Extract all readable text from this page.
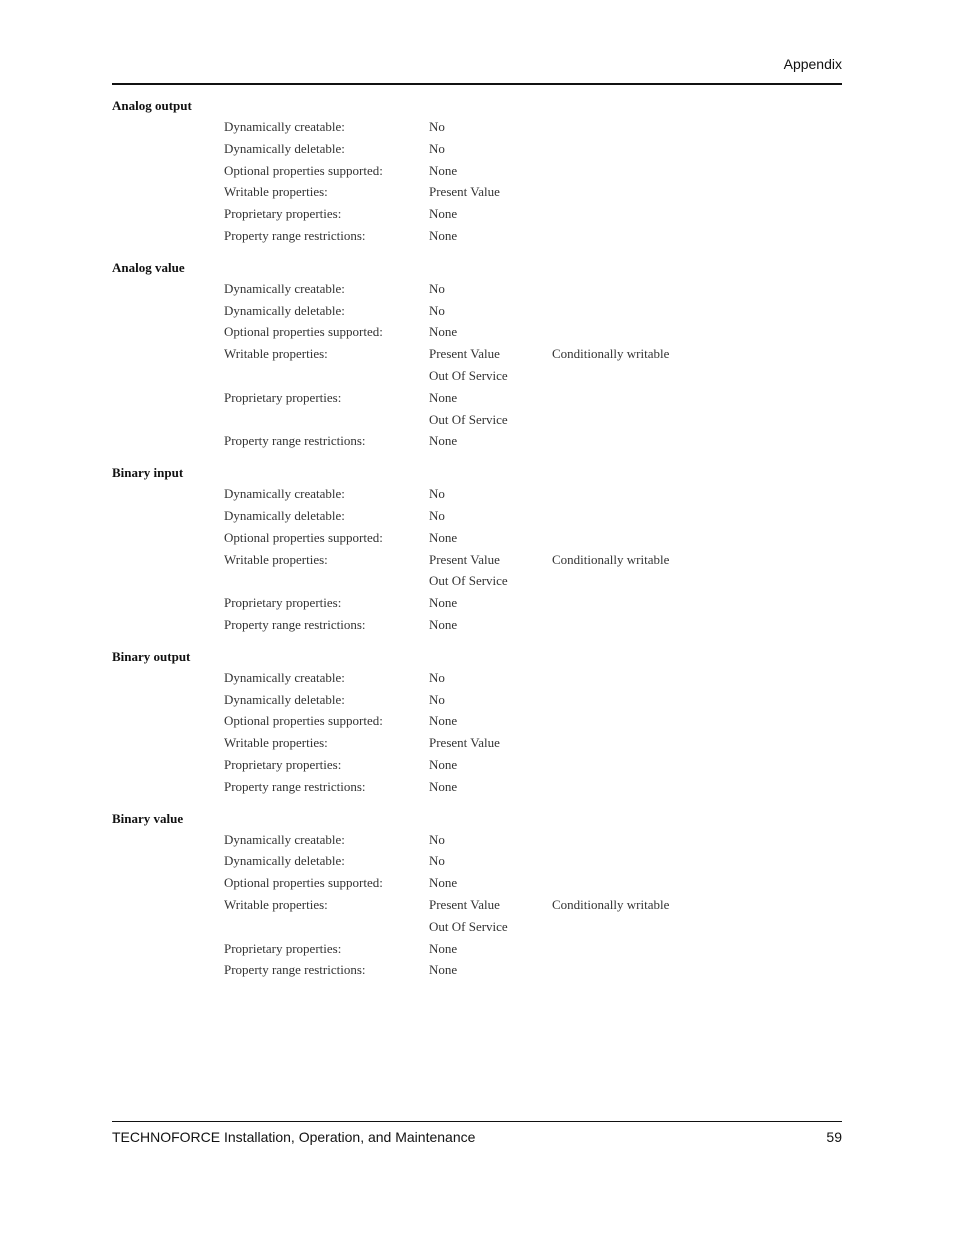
Appendix
Analog output
Dynamically creatable:	No
Dynamically deletable:	No
Optional properties supported:	None
Writable properties:	Present Value
Proprietary properties:	None
Property range restrictions:	None
Analog value
Dynamically creatable:	No
Dynamically deletable:	No
Optional properties supported:	None
Writable properties:	Present Value	Conditionally writable
Out Of Service
Proprietary properties:	None
Out Of Service
Property range restrictions:	None
Binary input
Dynamically creatable:	No
Dynamically deletable:	No
Optional properties supported:	None
Writable properties:	Present Value	Conditionally writable
Out Of Service
Proprietary properties:	None
Property range restrictions:	None
Binary output
Dynamically creatable:	No
Dynamically deletable:	No
Optional properties supported:	None
Writable properties:	Present Value
Proprietary properties:	None
Property range restrictions:	None
Binary value
Dynamically creatable:	No
Dynamically deletable:	No
Optional properties supported:	None
Writable properties:	Present Value	Conditionally writable
Out Of Service
Proprietary properties:	None
Property range restrictions:	None
TECHNOFORCE Installation, Operation, and Maintenance	59
